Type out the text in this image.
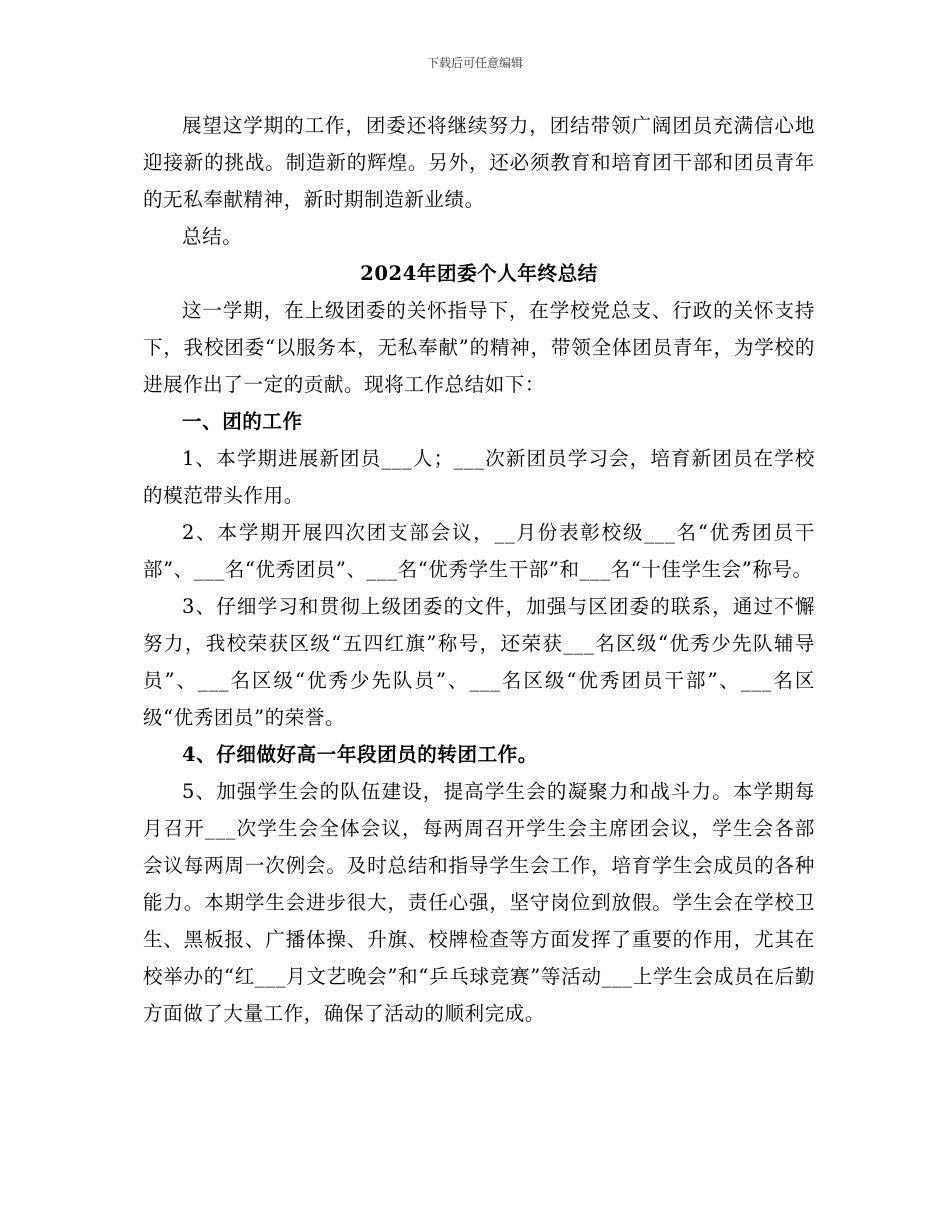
下载后可任意编辑

展望这学期的工作，团委还将继续努力，团结带领广阔团员充满信心地迎接新的挑战。制造新的辉煌。另外，还必须教育和培育团干部和团员青年的无私奉献精神，新时期制造新业绩。

总结。

2024年团委个人年终总结

这一学期，在上级团委的关怀指导下，在学校党总支、行政的关怀支持下，我校团委“以服务本，无私奉献”的精神，带领全体团员青年，为学校的进展作出了一定的贡献。现将工作总结如下：

一、团的工作

1、本学期进展新团员___人；___次新团员学习会，培育新团员在学校的模范带头作用。

2、本学期开展四次团支部会议，__月份表彰校级___名“优秀团员干部”、___名“优秀团员”、___名“优秀学生干部”和___名“十佳学生会”称号。

3、仔细学习和贯彻上级团委的文件，加强与区团委的联系，通过不懈努力，我校荣获区级“五四红旗”称号，还荣获___名区级“优秀少先队辅导员”、___名区级“优秀少先队员”、___名区级“优秀团员干部”、___名区级“优秀团员”的荣誉。

4、仔细做好高一年段团员的转团工作。

5、加强学生会的队伍建设，提高学生会的凝聚力和战斗力。本学期每月召开___次学生会全体会议，每两周召开学生会主席团会议，学生会各部会议每两周一次例会。及时总结和指导学生会工作，培育学生会成员的各种能力。本期学生会进步很大，责任心强，坚守岗位到放假。学生会在学校卫生、黑板报、广播体操、升旗、校牌检查等方面发挥了重要的作用，尤其在校举办的“红___月文艺晚会”和“乒乓球竞赛”等活动___上学生会成员在后勤方面做了大量工作，确保了活动的顺利完成。
